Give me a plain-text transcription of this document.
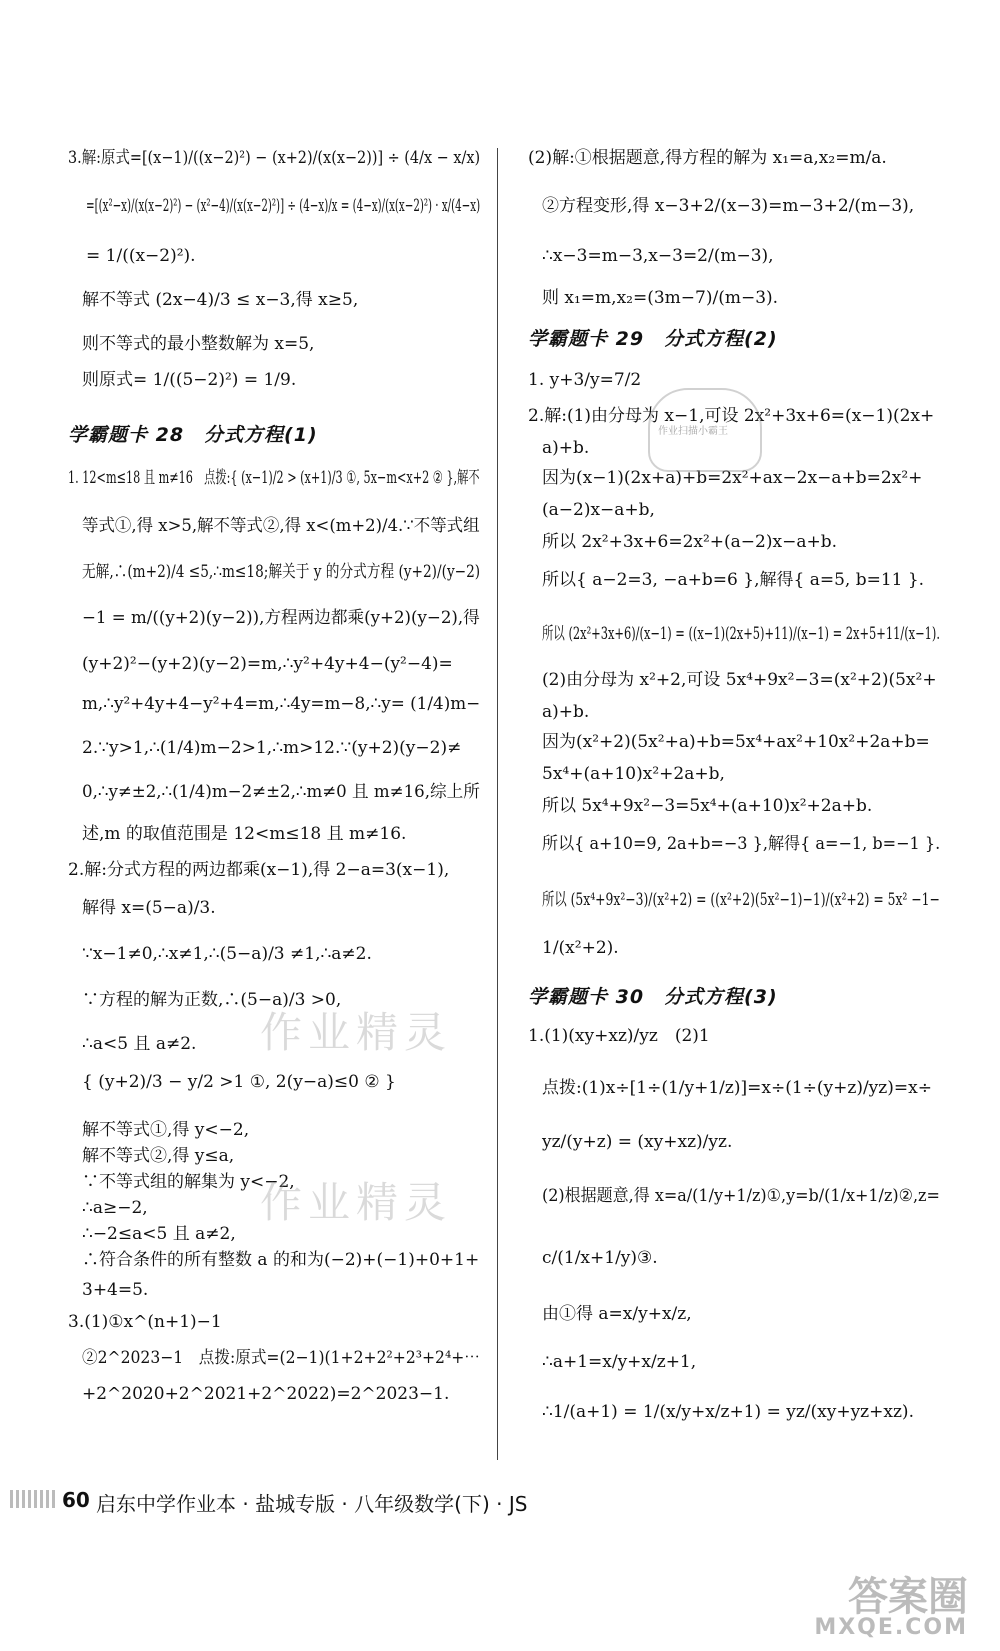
3.解:原式=[(x−1)/((x−2)²) − (x+2)/(x(x−2))] ÷ (4/x − x/x)
=[(x²−x)/(x(x−2)²) − (x²−4)/(x(x−2)²)] ÷ (4−x)/x = (4−x)/(x(x−2)²) · x/(4−x)
= 1/((x−2)²).
解不等式 (2x−4)/3 ≤ x−3,得 x≥5,
则不等式的最小整数解为 x=5,
则原式= 1/((5−2)²) = 1/9.
学霸题卡 28　分式方程(1)
1. 12<m≤18 且 m≠16　点拨:{ (x−1)/2 > (x+1)/3 ①, 5x−m<x+2 ② },解不
等式①,得 x>5,解不等式②,得 x<(m+2)/4.∵不等式组
无解,∴(m+2)/4 ≤5,∴m≤18;解关于 y 的分式方程 (y+2)/(y−2)
−1 = m/((y+2)(y−2)),方程两边都乘(y+2)(y−2),得
(y+2)²−(y+2)(y−2)=m,∴y²+4y+4−(y²−4)=
m,∴y²+4y+4−y²+4=m,∴4y=m−8,∴y= (1/4)m−
2.∵y>1,∴(1/4)m−2>1,∴m>12.∵(y+2)(y−2)≠
0,∴y≠±2,∴(1/4)m−2≠±2,∴m≠0 且 m≠16,综上所
述,m 的取值范围是 12<m≤18 且 m≠16.
2.解:分式方程的两边都乘(x−1),得 2−a=3(x−1),
解得 x=(5−a)/3.
∵x−1≠0,∴x≠1,∴(5−a)/3 ≠1,∴a≠2.
∵方程的解为正数,∴(5−a)/3 >0,
∴a<5 且 a≠2.
{ (y+2)/3 − y/2 >1 ①, 2(y−a)≤0 ② }
解不等式①,得 y<−2,
解不等式②,得 y≤a,
∵不等式组的解集为 y<−2,
∴a≥−2,
∴−2≤a<5 且 a≠2,
∴符合条件的所有整数 a 的和为(−2)+(−1)+0+1+
3+4=5.
3.(1)①x^(n+1)−1
②2^2023−1　点拨:原式=(2−1)(1+2+2²+2³+2⁴+⋯
+2^2020+2^2021+2^2022)=2^2023−1.
(2)解:①根据题意,得方程的解为 x₁=a,x₂=m/a.
②方程变形,得 x−3+2/(x−3)=m−3+2/(m−3),
∴x−3=m−3,x−3=2/(m−3),
则 x₁=m,x₂=(3m−7)/(m−3).
学霸题卡 29　分式方程(2)
1. y+3/y=7/2
2.解:(1)由分母为 x−1,可设 2x²+3x+6=(x−1)(2x+
a)+b.
因为(x−1)(2x+a)+b=2x²+ax−2x−a+b=2x²+
(a−2)x−a+b,
所以 2x²+3x+6=2x²+(a−2)x−a+b.
所以{ a−2=3, −a+b=6 },解得{ a=5, b=11 }.
所以 (2x²+3x+6)/(x−1) = ((x−1)(2x+5)+11)/(x−1) = 2x+5+11/(x−1).
(2)由分母为 x²+2,可设 5x⁴+9x²−3=(x²+2)(5x²+
a)+b.
因为(x²+2)(5x²+a)+b=5x⁴+ax²+10x²+2a+b=
5x⁴+(a+10)x²+2a+b,
所以 5x⁴+9x²−3=5x⁴+(a+10)x²+2a+b.
所以{ a+10=9, 2a+b=−3 },解得{ a=−1, b=−1 }.
所以 (5x⁴+9x²−3)/(x²+2) = ((x²+2)(5x²−1)−1)/(x²+2) = 5x² −1−
1/(x²+2).
学霸题卡 30　分式方程(3)
1.(1)(xy+xz)/yz　(2)1
点拨:(1)x÷[1÷(1/y+1/z)]=x÷(1÷(y+z)/yz)=x÷
yz/(y+z) = (xy+xz)/yz.
(2)根据题意,得 x=a/(1/y+1/z)①,y=b/(1/x+1/z)②,z=
c/(1/x+1/y)③.
由①得 a=x/y+x/z,
∴a+1=x/y+x/z+1,
∴1/(a+1) = 1/(x/y+x/z+1) = yz/(xy+yz+xz).
作业精灵
作业精灵
作业扫描小霸王
60 启东中学作业本 · 盐城专版 · 八年级数学(下) · JS
答案圈
MXQE.COM
